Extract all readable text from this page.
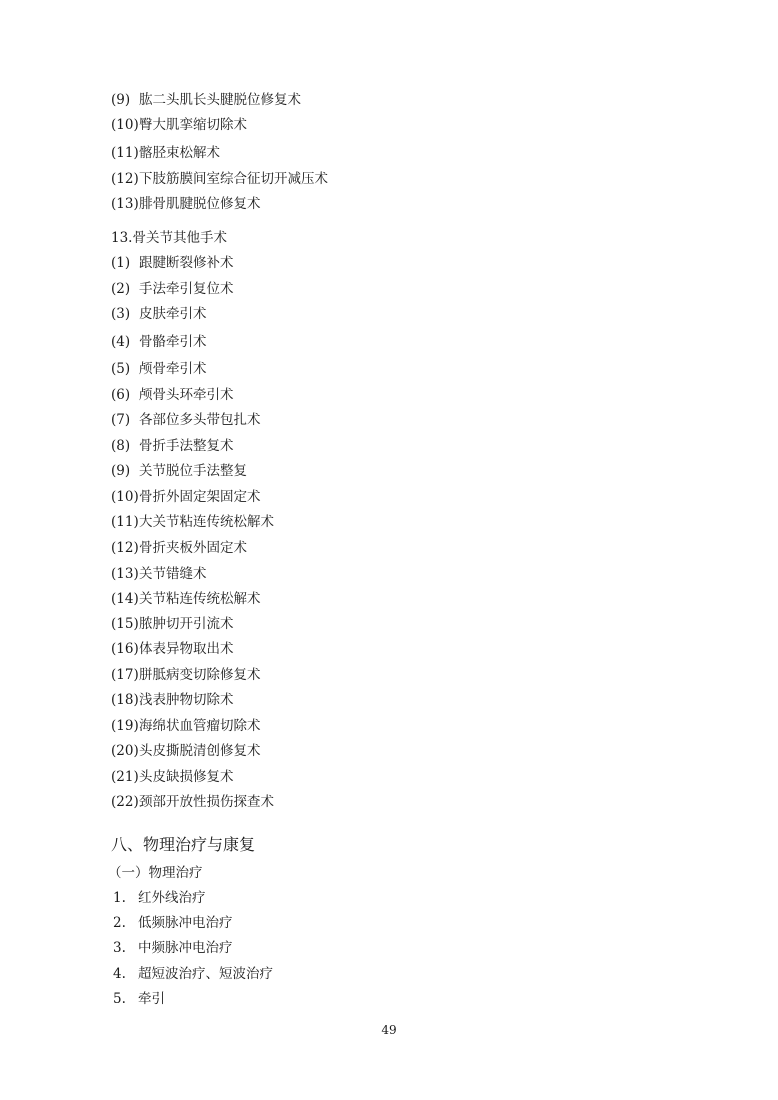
(9) 肱二头肌长头腱脱位修复术
(10)臀大肌挛缩切除术
(11)髂胫束松解术
(12)下肢筋膜间室综合征切开减压术
(13)腓骨肌腱脱位修复术
13.骨关节其他手术
(1) 跟腱断裂修补术
(2) 手法牵引复位术
(3) 皮肤牵引术
(4) 骨骼牵引术
(5) 颅骨牵引术
(6) 颅骨头环牵引术
(7) 各部位多头带包扎术
(8) 骨折手法整复术
(9) 关节脱位手法整复
(10)骨折外固定架固定术
(11)大关节粘连传统松解术
(12)骨折夹板外固定术
(13)关节错缝术
(14)关节粘连传统松解术
(15)脓肿切开引流术
(16)体表异物取出术
(17)胼胝病变切除修复术
(18)浅表肿物切除术
(19)海绵状血管瘤切除术
(20)头皮撕脱清创修复术
(21)头皮缺损修复术
(22)颈部开放性损伤探查术
八、物理治疗与康复
（一）物理治疗
1. 红外线治疗
2. 低频脉冲电治疗
3. 中频脉冲电治疗
4. 超短波治疗、短波治疗
5. 牵引
49
